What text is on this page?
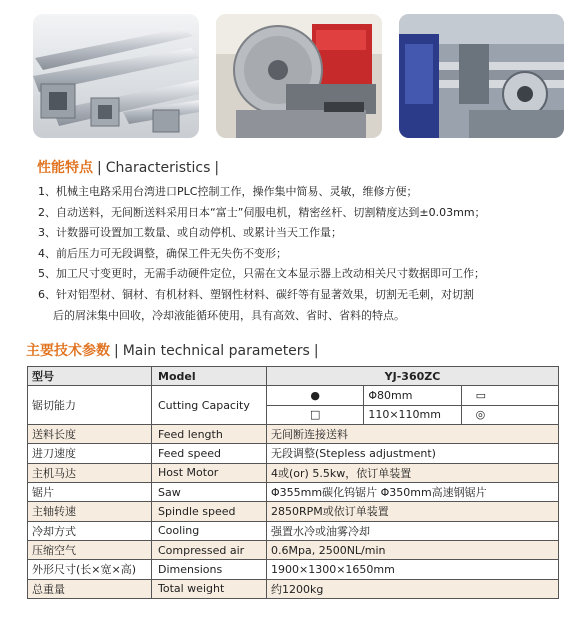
性能特点 | Characteristics |
1、机械主电路采用台湾进口PLC控制工作，操作集中简易、灵敏，维修方便；
2、自动送料，无间断送料采用日本“富士”伺服电机，精密丝杆、切割精度达到±0.03mm；
3、计数器可设置加工数量、或自动停机、或累计当天工作量；
4、前后压力可无段调整，确保工件无失伤不变形；
5、加工尺寸变更时，无需手动硬件定位，只需在文本显示器上改动相关尺寸数据即可工作；
6、针对铝型材、铜材、有机材料、塑钢性材料、碳纤等有显著效果，切割无毛刺，对切割
后的屑沫集中回收，冷却液能循环使用，具有高效、省时、省料的特点。
主要技术参数 | Main technical parameters |
型号	Model	YJ-360ZC		
锯切能力	Cutting Capacity	●	Φ80mm	▭
		□	110×110mm	◎
送料长度	Feed length	无间断连接送料		
进刀速度	Feed speed	无段调整(Stepless adjustment)		
主机马达	Host Motor	4或(or) 5.5kw，依订单装置		
锯片	Saw	Φ355mm碳化钨锯片 Φ350mm高速钢锯片		
主轴转速	Spindle speed	2850RPM或依订单装置		
冷却方式	Cooling	强置水冷或油雾冷却		
压缩空气	Compressed air	0.6Mpa, 2500NL/min		
外形尺寸(长×宽×高)	Dimensions	1900×1300×1650mm		
总重量	Total weight	约1200kg		
